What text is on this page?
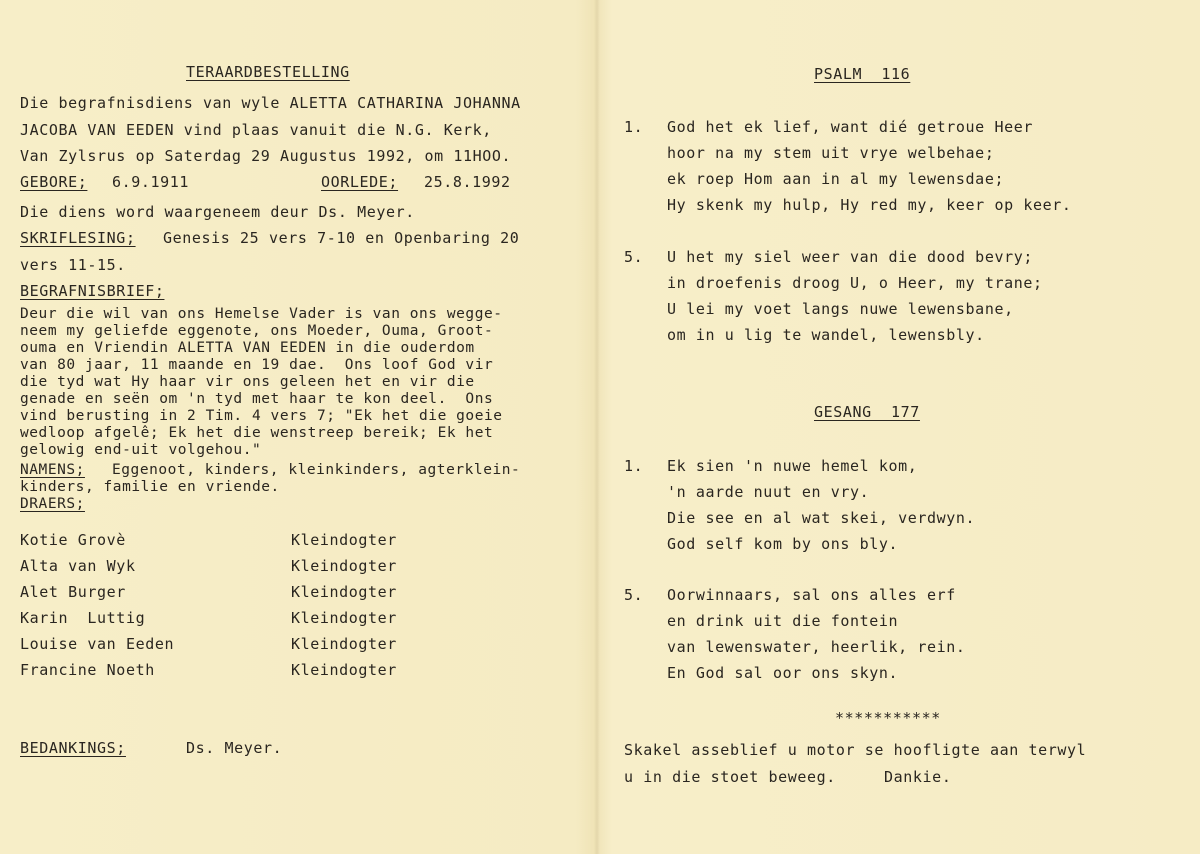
TERAARDBESTELLING
Die begrafnisdiens van wyle ALETTA CATHARINA JOHANNA
JACOBA VAN EEDEN vind plaas vanuit die N.G. Kerk,
Van Zylsrus op Saterdag 29 Augustus 1992, om 11HOO.
GEBORE; 6.9.1911	OORLEDE; 25.8.1992
Die diens word waargeneem deur Ds. Meyer.
SKRIFLESING; Genesis 25 vers 7-10 en Openbaring 20
vers 11-15.
BEGRAFNISBRIEF;
Deur die wil van ons Hemelse Vader is van ons wegge-
neem my geliefde eggenote, ons Moeder, Ouma, Groot-
ouma en Vriendin ALETTA VAN EEDEN in die ouderdom
van 80 jaar, 11 maande en 19 dae.  Ons loof God vir
die tyd wat Hy haar vir ons geleen het en vir die
genade en seën om 'n tyd met haar te kon deel.  Ons
vind berusting in 2 Tim. 4 vers 7; "Ek het die goeie
wedloop afgelê; Ek het die wenstreep bereik; Ek het
gelowig end-uit volgehou."
NAMENS; Eggenoot, kinders, kleinkinders, agterklein-
kinders, familie en vriende.
DRAERS;
Kotie Grovè	Kleindogter
Alta van Wyk	Kleindogter
Alet Burger	Kleindogter
Karin  Luttig	Kleindogter
Louise van Eeden	Kleindogter
Francine Noeth	Kleindogter
BEDANKINGS;	Ds. Meyer.
PSALM  116
1. God het ek lief, want dié getroue Heer
hoor na my stem uit vrye welbehae;
ek roep Hom aan in al my lewensdae;
Hy skenk my hulp, Hy red my, keer op keer.
5. U het my siel weer van die dood bevry;
in droefenis droog U, o Heer, my trane;
U lei my voet langs nuwe lewensbane,
om in u lig te wandel, lewensbly.
GESANG  177
1. Ek sien 'n nuwe hemel kom,
'n aarde nuut en vry.
Die see en al wat skei, verdwyn.
God self kom by ons bly.
5. Oorwinnaars, sal ons alles erf
en drink uit die fontein
van lewenswater, heerlik, rein.
En God sal oor ons skyn.
***********
Skakel asseblief u motor se hoofligte aan terwyl
u in die stoet beweeg.     Dankie.
